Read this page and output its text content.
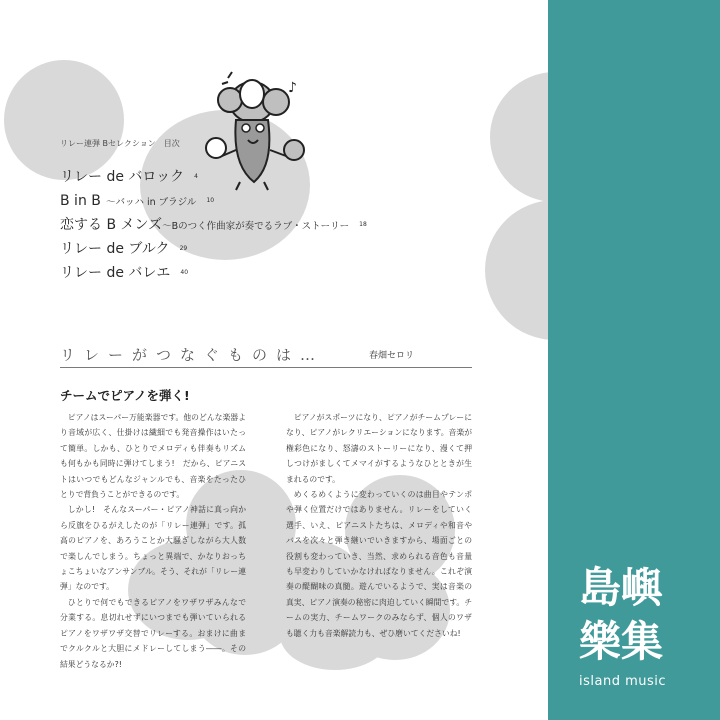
♪
リレー連弾 Bセレクション　目次
リレー de バロック 4
B in B 〜バッハ in ブラジル 10
恋する B メンズ〜Bのつく作曲家が奏でるラブ・ストーリー 18
リレー de ブルク 29
リレー de バレエ 40
リレーがつなぐものは…	春畑セロリ
チームでピアノを弾く!

ピアノはスーパー万能楽器です。他のどんな楽器より音域が広く、仕掛けは繊細でも発音操作はいたって簡単。しかも、ひとりでメロディも伴奏もリズムも何もかも同時に弾けてしまう!　だから、ピアニストはいつでもどんなジャンルでも、音楽をたったひとりで背負うことができるのです。

しかし!　そんなスーパー・ピアノ神話に真っ向から反旗をひるがえしたのが「リレー連弾」です。孤高のピアノを、あろうことか大騒ぎしながら大人数で楽しんでしまう。ちょっと異端で、かなりおっちょこちょいなアンサンブル。そう、それが「リレー連弾」なのです。

ひとりで何でもできるピアノをワザワザみんなで分業する。息切れせずにいつまでも弾いていられるピアノをワザワザ交替でリレーする。おまけに曲までクルクルと大胆にメドレーしてしまう――。その結果どうなるか?!

ピアノがスポーツになり、ピアノがチームプレーになり、ピアノがレクリエーションになります。音楽が権彩色になり、怒濤のストーリーになり、漫くて押しつけがましくてメマイがするようなひとときが生まれるのです。

めくるめくように変わっていくのは曲目やテンポや弾く位置だけではありません。リレーをしていく選手、いえ、ピアニストたちは、メロディや和音やバスを次々と弾き継いでいきますから、場面ごとの役割も変わっていき、当然、求められる音色も音量も早変わりしていかなければなりません。これぞ演奏の醍醐味の真髄。遊んでいるようで、実は音楽の真実、ピアノ演奏の秘密に肉迫していく瞬間です。チームの実力、チームワークのみならず、個人のワザも聴く力も音楽解読力も、ぜひ磨いてくださいね!

島嶼
樂集
island music
